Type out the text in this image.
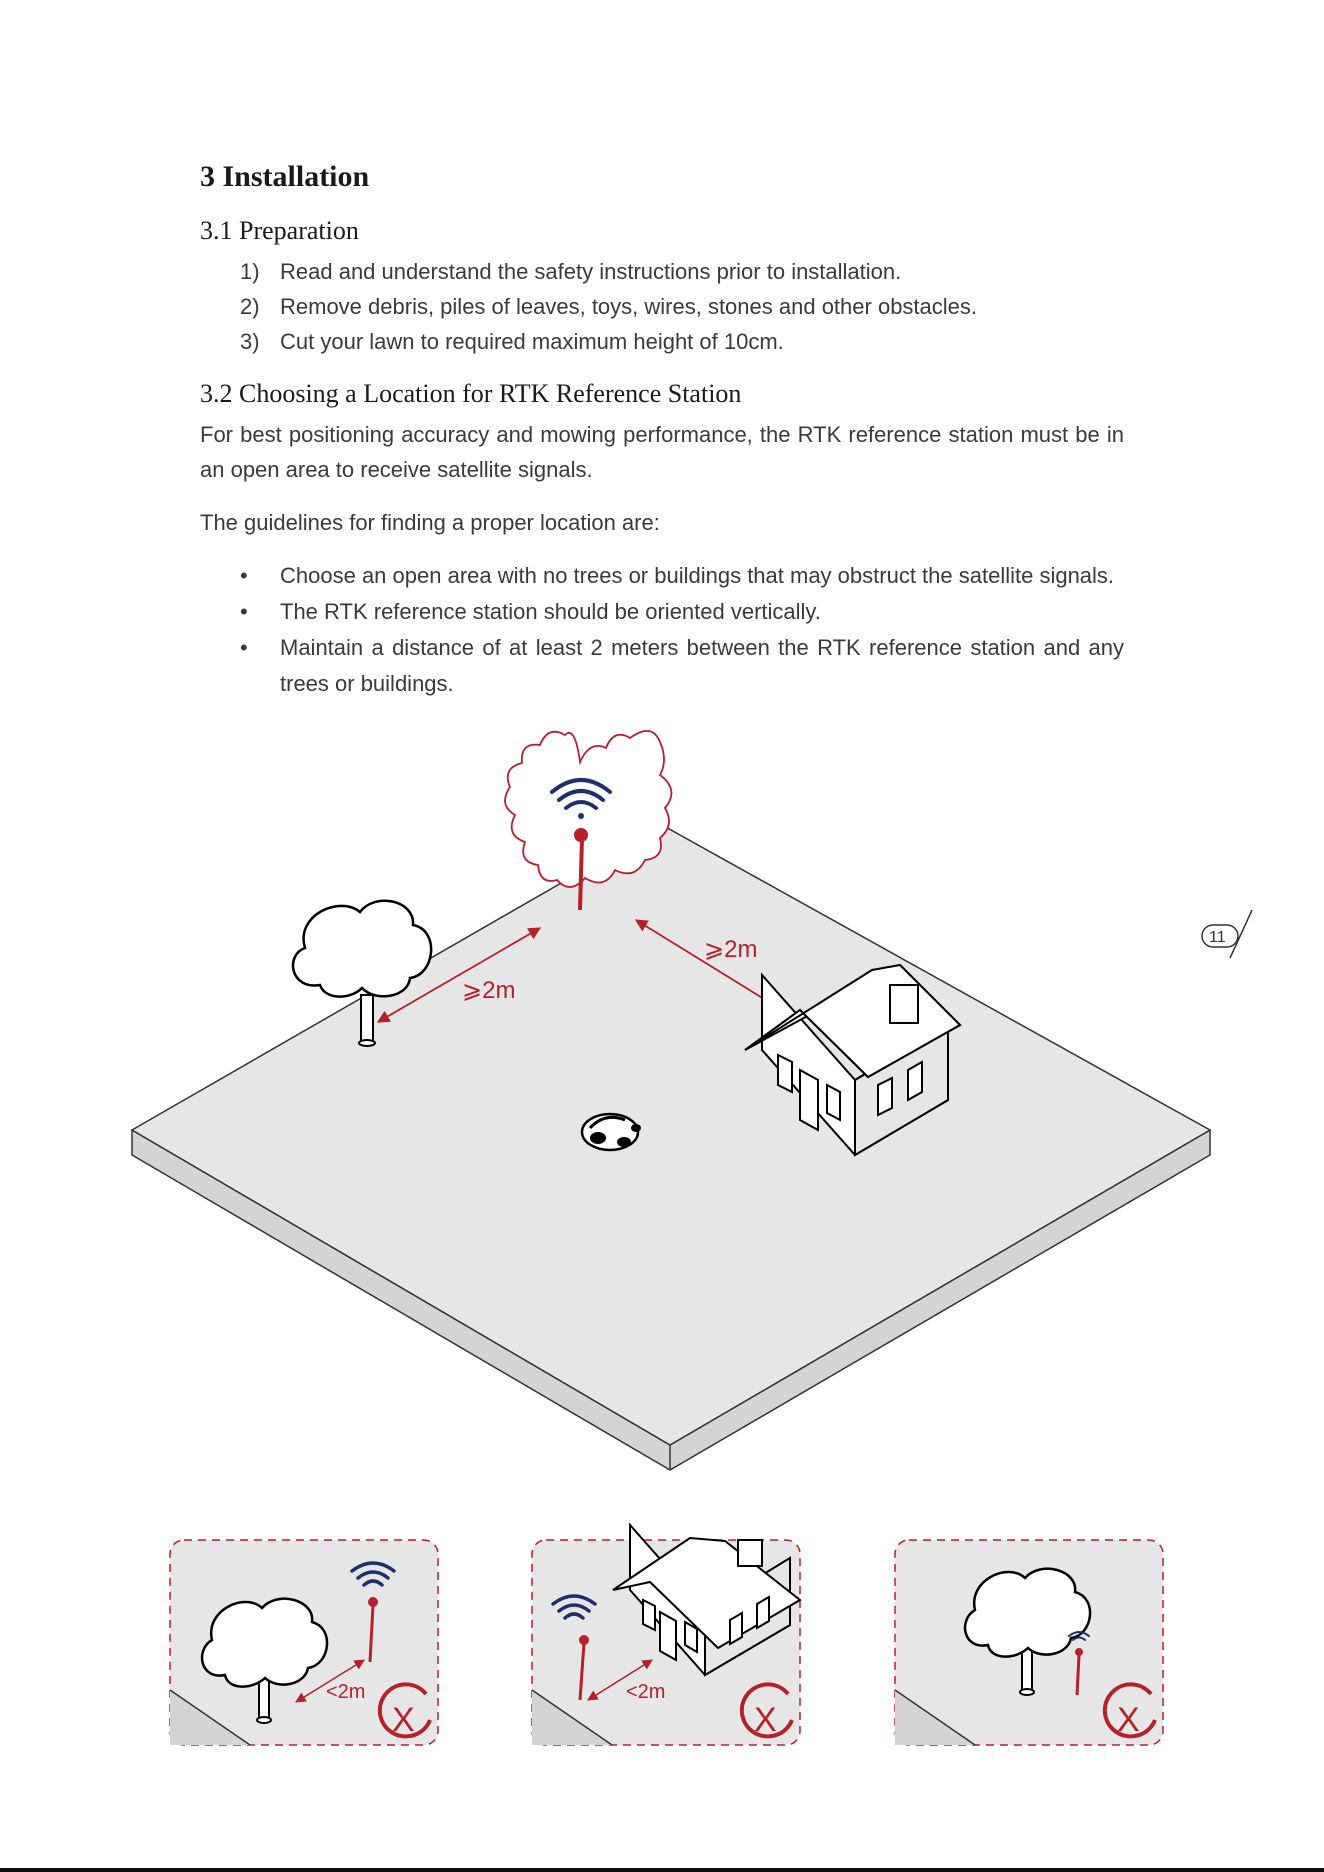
3 Installation
3.1 Preparation
1) Read and understand the safety instructions prior to installation.
2) Remove debris, piles of leaves, toys, wires, stones and other obstacles.
3) Cut your lawn to required maximum height of 10cm.
3.2 Choosing a Location for RTK Reference Station

For best positioning accuracy and mowing performance, the RTK reference station must be in an open area to receive satellite signals.

The guidelines for finding a proper location are:

• Choose an open area with no trees or buildings that may obstruct the satellite signals.
• The RTK reference station should be oriented vertically.
• Maintain a distance of at least 2 meters between the RTK reference station and any trees or buildings.
⩾2m
⩾2m	11
<2m
X
<2m
X	X
